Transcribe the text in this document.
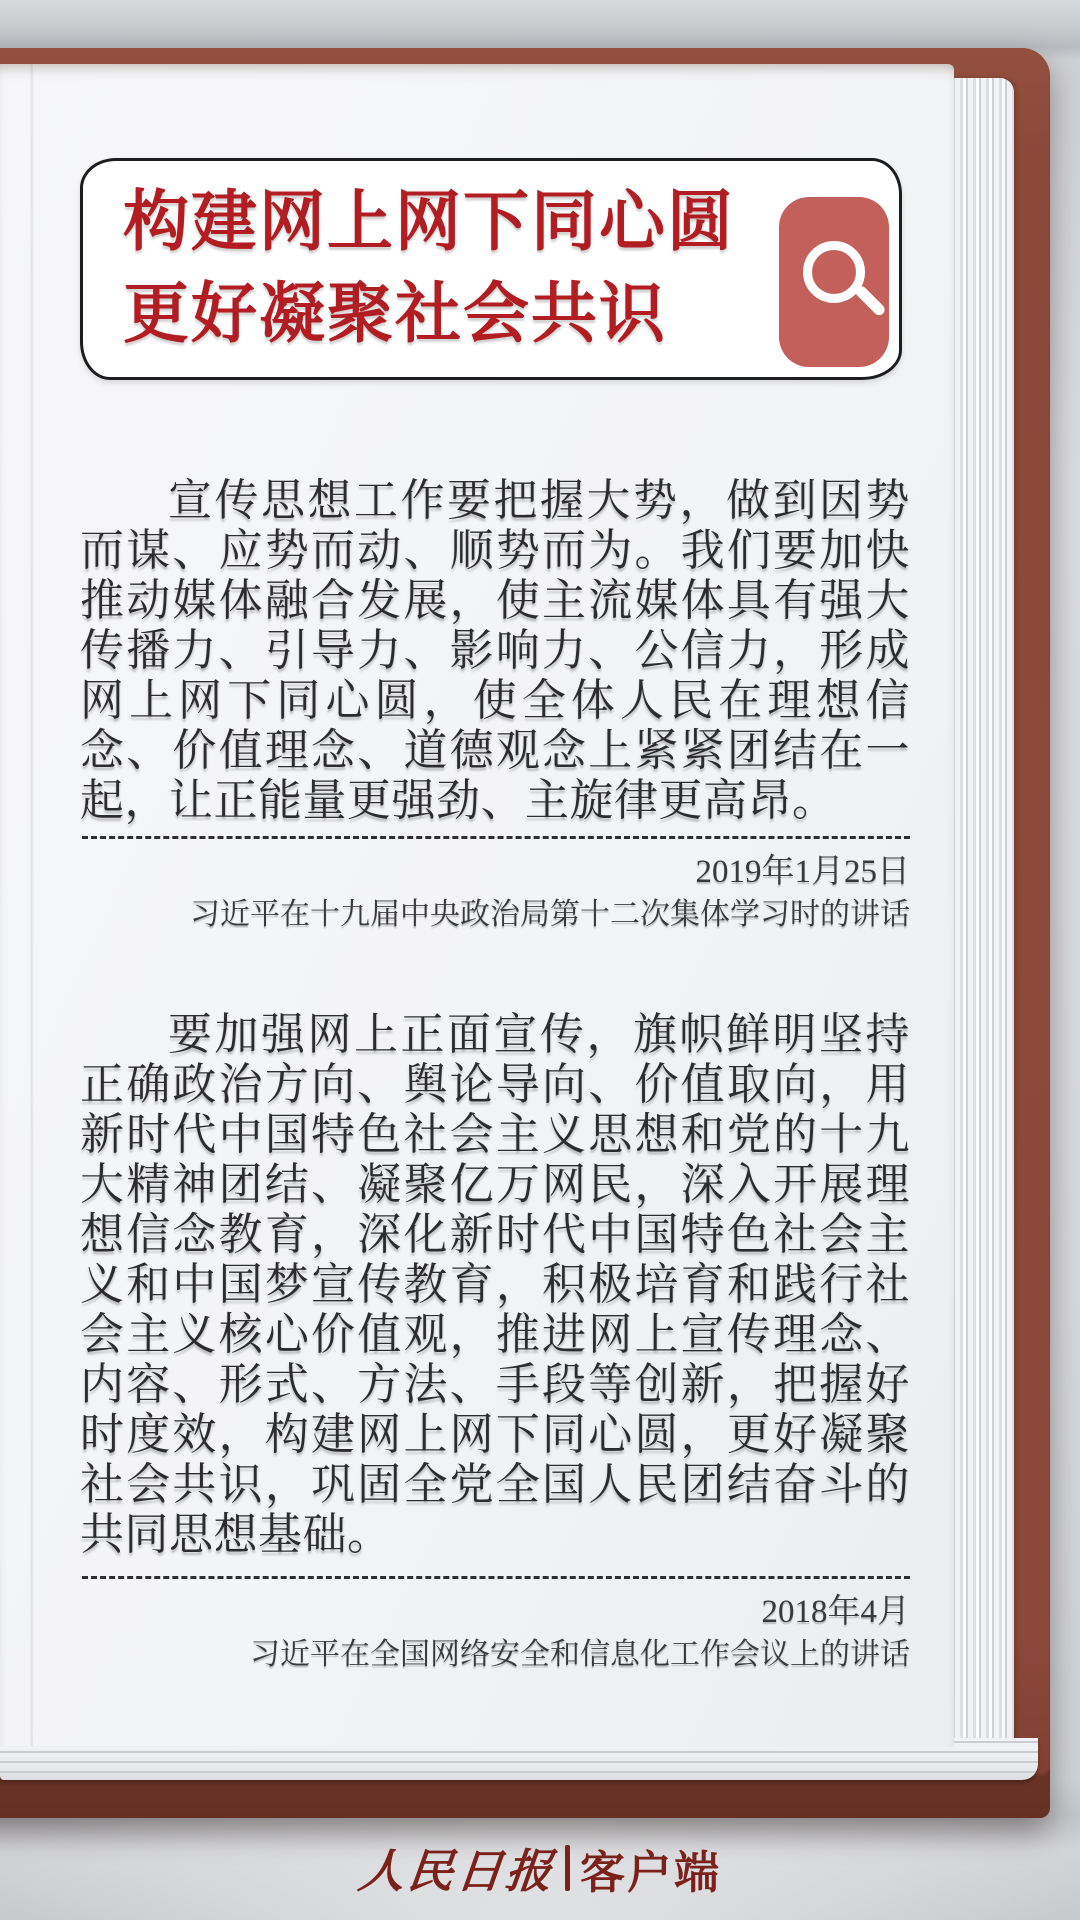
构建网上网下同心圆
更好凝聚社会共识

宣传思想工作要把握大势，做到因势而谋、应势而动、顺势而为。我们要加快推动媒体融合发展，使主流媒体具有强大传播力、引导力、影响力、公信力，形成网上网下同心圆，使全体人民在理想信念、价值理念、道德观念上紧紧团结在一起，让正能量更强劲、主旋律更高昂。

2019年1月25日
习近平在十九届中央政治局第十二次集体学习时的讲话

要加强网上正面宣传，旗帜鲜明坚持正确政治方向、舆论导向、价值取向，用新时代中国特色社会主义思想和党的十九大精神团结、凝聚亿万网民，深入开展理想信念教育，深化新时代中国特色社会主义和中国梦宣传教育，积极培育和践行社会主义核心价值观，推进网上宣传理念、内容、形式、方法、手段等创新，把握好时度效，构建网上网下同心圆，更好凝聚社会共识，巩固全党全国人民团结奋斗的共同思想基础。

2018年4月
习近平在全国网络安全和信息化工作会议上的讲话
人民日报 客户端
